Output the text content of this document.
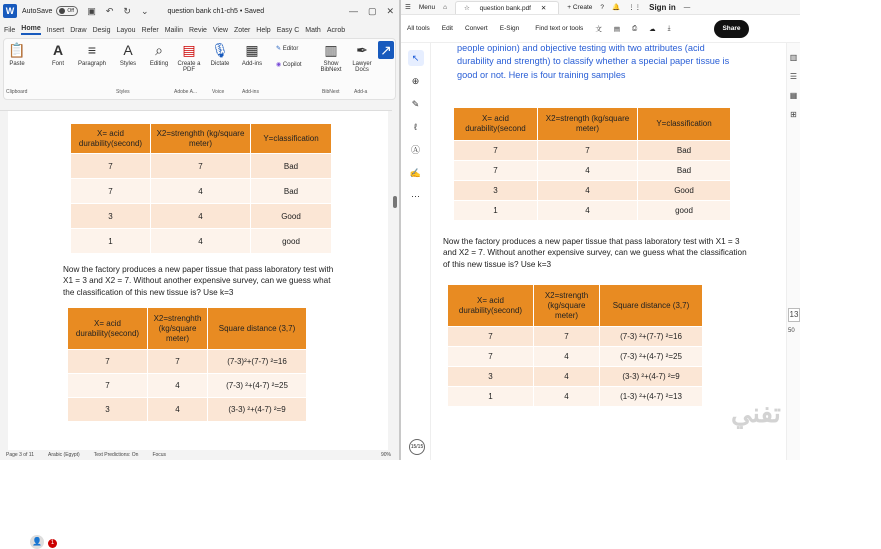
W	AutoSave	Off ▣ ↶ ↻ ⌄	question bank ch1-ch5 • Saved	— ▢ ✕
File Home Insert Draw Desig Layou Refer Mailin Revie View Zoter Help Easy C Math Acrob
📋
Paste
A
Font
≡
Paragraph
A
Styles
⌕
Editing
▤
Create a PDF
🎙
Dictate
▦
Add-ins
✎ Editor
◉ Copilot
▥
Show BibNext
✒
Lawyer Docs
↗
Clipboard	Styles	Adobe A...	Voice	Add-ins	BibNext	Add-a
X= acid durability(second)	X2=strenghth (kg/square meter)	Y=classification
7	7	Bad
7	4	Bad
3	4	Good
1	4	good
Now the factory produces a new paper tissue that pass laboratory test with X1 = 3 and X2 = 7. Without another expensive survey, can we guess what the classification of this new tissue is? Use k=3
X= acid durability(second)	X2=strenghth (kg/square meter)	Square distance (3,7)
7	7	(7-3)²+(7-7) ²=16
7	4	(7-3) ²+(4-7) ²=25
3	4	(3-3) ²+(4-7) ²=9
👤	1
Page 3 of 11	Arabic (Egypt)	Text Predictions: On	Focus	90%
☰ Menu ⌂	☆ question bank.pdf ✕	+ Create ? 🔔 ⋮⋮ Sign in —
All tools Edit Convert E-Sign Find text or tools 文 ▤ ⎙ ☁ ⤓	Share
↖
⊕
✎
ℓ
Ⓐ
✍
⋯
people opinion) and objective testing with two attributes (acid durability and strength) to classify whether a special paper tissue is good or not. Here is four training samples
X= acid durability(second	X2=strength (kg/square meter)	Y=classification
7	7	Bad
7	4	Bad
3	4	Good
1	4	good
Now the factory produces a new paper tissue that pass laboratory test with X1 = 3 and X2 = 7. Without another expensive survey, can we guess what the classification of this new tissue is? Use k=3
X= acid durability(second)	X2=strength (kg/square meter)	Square distance (3,7)
7	7	(7-3) ²+(7-7) ²=16
7	4	(7-3) ²+(4-7) ²=25
3	4	(3-3) ²+(4-7) ²=9
1	4	(1-3) ²+(4-7) ²=13
15/15
تفني
▥
☰
▦
⊞
13
50
